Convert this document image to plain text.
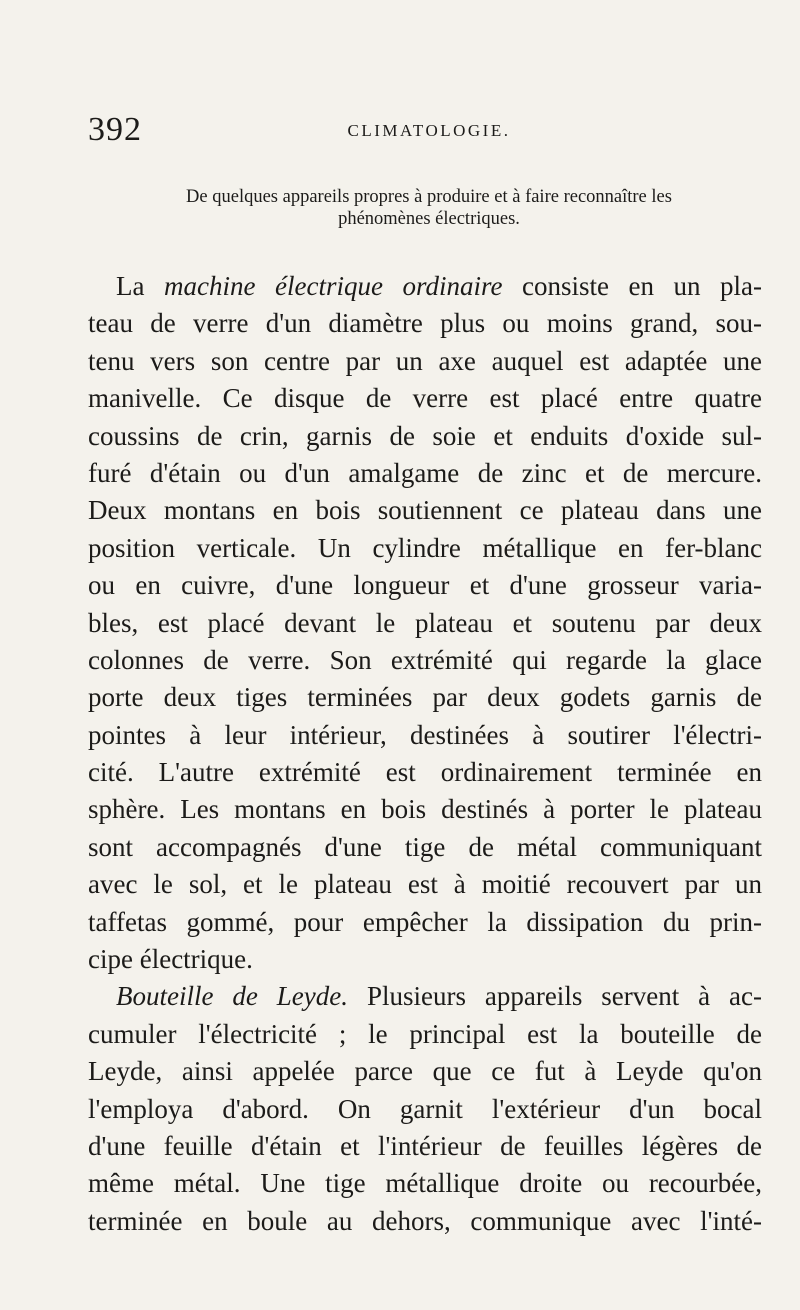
392	CLIMATOLOGIE.
De quelques appareils propres à produire et à faire reconnaître les
phénomènes électriques.
La machine électrique ordinaire consiste en un pla-
teau de verre d'un diamètre plus ou moins grand, sou-
tenu vers son centre par un axe auquel est adaptée une
manivelle. Ce disque de verre est placé entre quatre
coussins de crin, garnis de soie et enduits d'oxide sul-
furé d'étain ou d'un amalgame de zinc et de mercure.
Deux montans en bois soutiennent ce plateau dans une
position verticale. Un cylindre métallique en fer-blanc
ou en cuivre, d'une longueur et d'une grosseur varia-
bles, est placé devant le plateau et soutenu par deux
colonnes de verre. Son extrémité qui regarde la glace
porte deux tiges terminées par deux godets garnis de
pointes à leur intérieur, destinées à soutirer l'électri-
cité. L'autre extrémité est ordinairement terminée en
sphère. Les montans en bois destinés à porter le plateau
sont accompagnés d'une tige de métal communiquant
avec le sol, et le plateau est à moitié recouvert par un
taffetas gommé, pour empêcher la dissipation du prin-
cipe électrique.
Bouteille de Leyde. Plusieurs appareils servent à ac-
cumuler l'électricité ; le principal est la bouteille de
Leyde, ainsi appelée parce que ce fut à Leyde qu'on
l'employa d'abord. On garnit l'extérieur d'un bocal
d'une feuille d'étain et l'intérieur de feuilles légères de
même métal. Une tige métallique droite ou recourbée,
terminée en boule au dehors, communique avec l'inté-
